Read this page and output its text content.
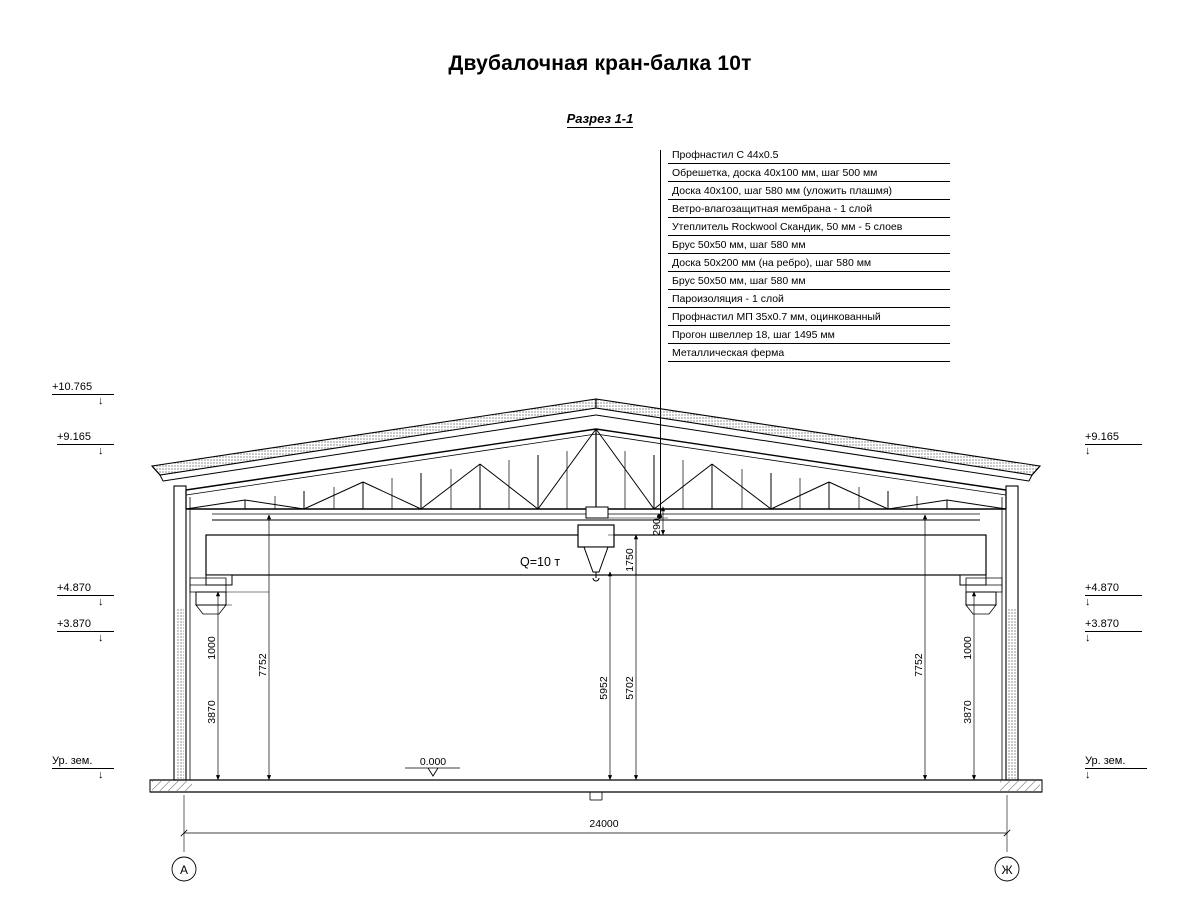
Двубалочная кран-балка 10т
Разрез 1-1
Профнастил С 44х0.5
Обрешетка, доска 40х100 мм, шаг 500 мм
Доска 40х100, шаг 580 мм (уложить плашмя)
Ветро-влагозащитная мембрана - 1 слой
Утеплитель Rockwool Скандик, 50 мм - 5 слоев
Брус 50х50 мм, шаг 580 мм
Доска 50х200 мм (на ребро), шаг 580 мм
Брус 50х50 мм, шаг 580 мм
Пароизоляция - 1 слой
Профнастил МП 35х0.7 мм, оцинкованный
Прогон швеллер 18, шаг 1495 мм
Металлическая ферма
Q=10 т
24000
0.000
1000
7752
3870
1000
7752
3870
5952 5702
1750
290
А	Ж
+10.765
↓
+9.165
↓
+4.870
↓
+3.870
↓
Ур. зем.
↓
+9.165
↓
+4.870
↓
+3.870
↓
Ур. зем.
↓
